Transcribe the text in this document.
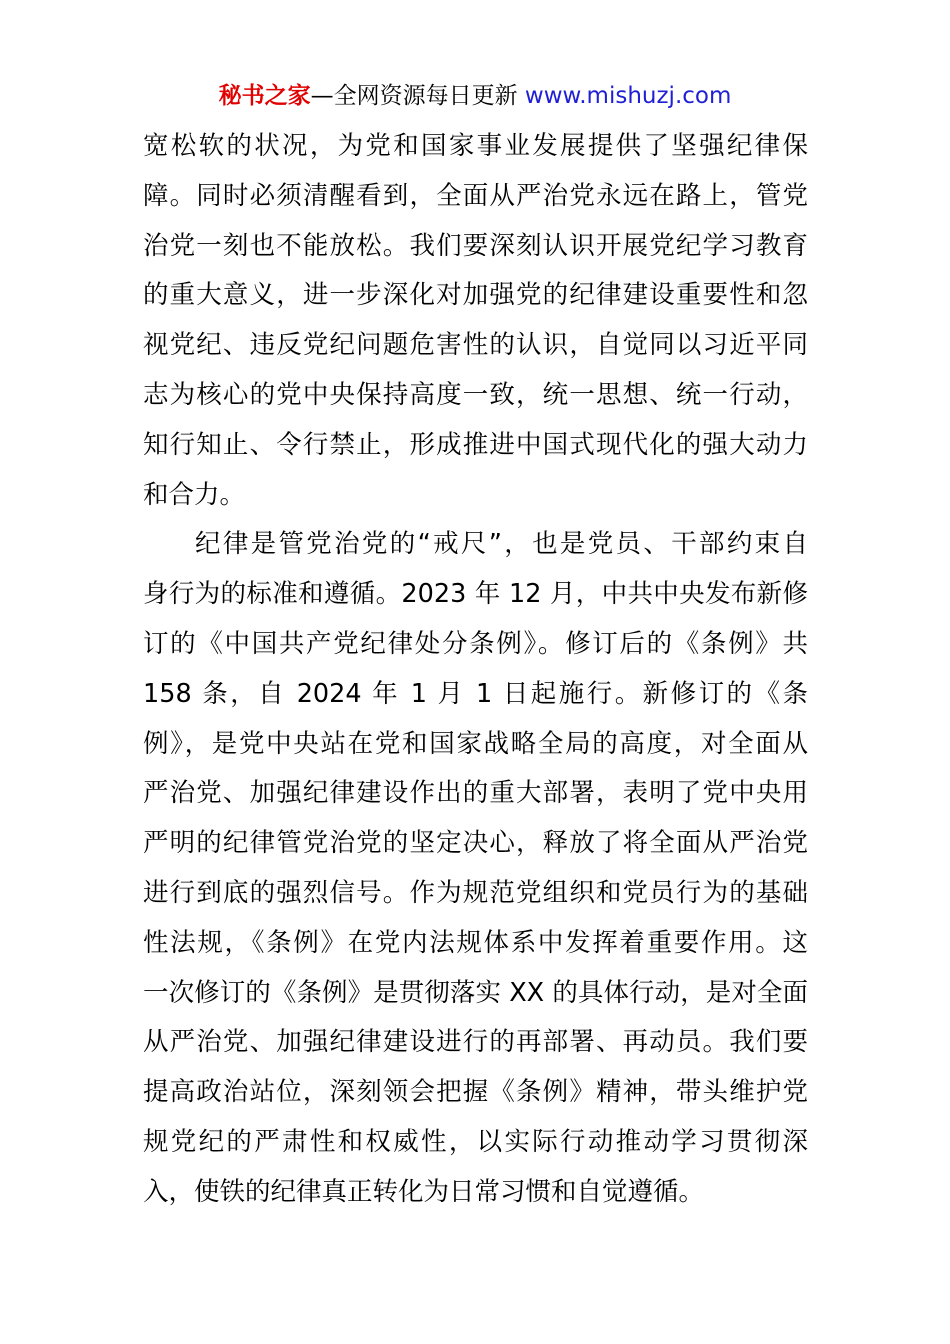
秘书之家—全网资源每日更新 www.mishuzj.com
宽松软的状况，为党和国家事业发展提供了坚强纪律保
障。同时必须清醒看到，全面从严治党永远在路上，管党
治党一刻也不能放松。我们要深刻认识开展党纪学习教育
的重大意义，进一步深化对加强党的纪律建设重要性和忽
视党纪、违反党纪问题危害性的认识，自觉同以习近平同
志为核心的党中央保持高度一致，统一思想、统一行动，
知行知止、令行禁止，形成推进中国式现代化的强大动力
和合力。
纪律是管党治党的“戒尺”，也是党员、干部约束自
身行为的标准和遵循。2023 年 12 月，中共中央发布新修
订的《中国共产党纪律处分条例》。修订后的《条例》共
158 条，自 2024 年 1 月 1 日起施行。新修订的《条
例》，是党中央站在党和国家战略全局的高度，对全面从
严治党、加强纪律建设作出的重大部署，表明了党中央用
严明的纪律管党治党的坚定决心，释放了将全面从严治党
进行到底的强烈信号。作为规范党组织和党员行为的基础
性法规，《条例》在党内法规体系中发挥着重要作用。这
一次修订的《条例》是贯彻落实 XX 的具体行动，是对全面
从严治党、加强纪律建设进行的再部署、再动员。我们要
提高政治站位，深刻领会把握《条例》精神，带头维护党
规党纪的严肃性和权威性，以实际行动推动学习贯彻深
入，使铁的纪律真正转化为日常习惯和自觉遵循。
